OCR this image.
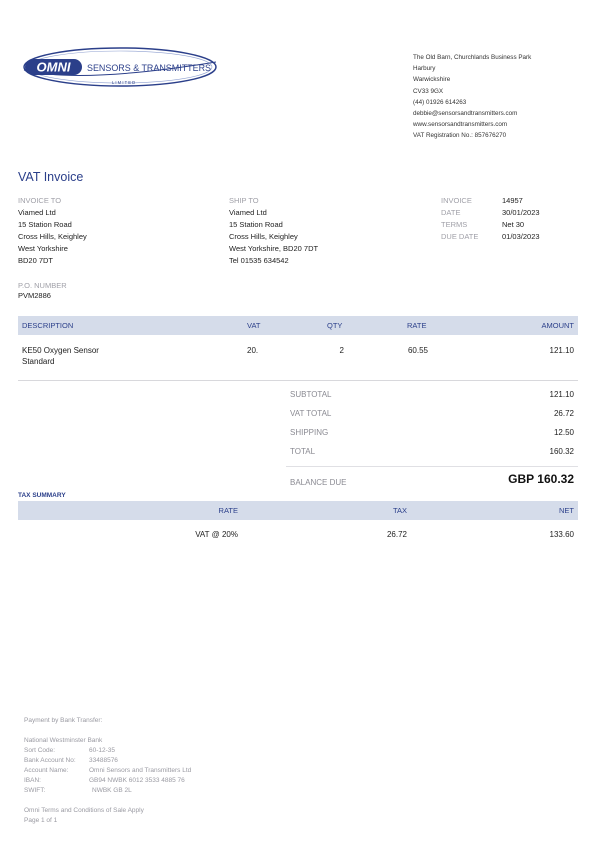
OMNI SENSORS & TRANSMITTERS
L I M I T E D
The Old Barn, Churchlands Business Park
Harbury
Warwickshire
CV33 9GX
(44) 01926 614263
debbie@sensorsandtransmitters.com
www.sensorsandtransmitters.com
VAT Registration No.: 857676270
VAT Invoice
INVOICE TO
Viamed Ltd
15 Station Road
Cross Hills, Keighley
West Yorkshire
BD20 7DT
SHIP TO
Viamed Ltd
15 Station Road
Cross Hills, Keighley
West Yorkshire, BD20 7DT
Tel 01535 634542
INVOICE	14957
DATE	30/01/2023
TERMS	Net 30
DUE DATE	01/03/2023
P.O. NUMBER
PVM2886
DESCRIPTION	VAT	QTY	RATE	AMOUNT
KE50 Oxygen Sensor
Standard
20.	2	60.55	121.10
SUBTOTAL	121.10
VAT TOTAL	26.72
SHIPPING	12.50
TOTAL	160.32
BALANCE DUE	GBP 160.32
TAX SUMMARY
RATE	TAX	NET
VAT @ 20%	26.72	133.60
Payment by Bank Transfer:
National Westminster Bank
Sort Code:	60-12-35
Bank Account No:	33488576
Account Name:	Omni Sensors and Transmitters Ltd
IBAN:	GB94 NWBK 6012 3533 4885 76
SWIFT:	NWBK GB 2L
Omni Terms and Conditions of Sale Apply
Page 1 of 1
